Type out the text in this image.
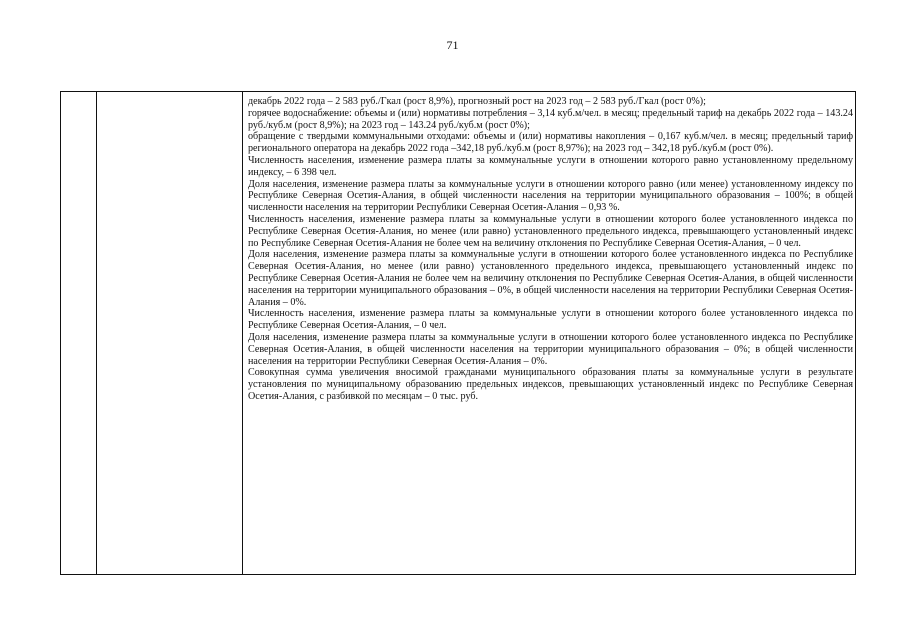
71

декабрь 2022 года – 2 583 руб./Гкал (рост 8,9%), прогнозный рост на 2023 год – 2 583 руб./Гкал (рост 0%);

горячее водоснабжение: объемы и (или) нормативы потребления – 3,14 куб.м/чел. в месяц; предельный тариф на декабрь 2022 года – 143.24 руб./куб.м (рост 8,9%); на 2023 год – 143.24 руб./куб.м (рост 0%);

обращение с твердыми коммунальными отходами: объемы и (или) нормативы накопления – 0,167 куб.м/чел. в месяц; предельный тариф регионального оператора на декабрь 2022 года –342,18 руб./куб.м (рост 8,97%); на 2023 год – 342,18 руб./куб.м (рост 0%).

Численность населения, изменение размера платы за коммунальные услуги в отношении которого равно установленному предельному индексу, – 6 398 чел.

Доля населения, изменение размера платы за коммунальные услуги в отношении которого равно (или менее) установленному индексу по Республике Северная Осетия-Алания, в общей численности населения на территории муниципального образования – 100%; в общей численности населения на территории Республики Северная Осетия-Алания – 0,93 %.

Численность населения, изменение размера платы за коммунальные услуги в отношении которого более установленного индекса по Республике Северная Осетия-Алания, но менее (или равно) установленного предельного индекса, превышающего установленный индекс по Республике Северная Осетия-Алания не более чем на величину отклонения по Республике Северная Осетия-Алания, – 0 чел.

Доля населения, изменение размера платы за коммунальные услуги в отношении которого более установленного индекса по Республике Северная Осетия-Алания, но менее (или равно) установленного предельного индекса, превышающего установленный индекс по Республике Северная Осетия-Алания не более чем на величину отклонения по Республике Северная Осетия-Алания, в общей численности населения на территории муниципального образования – 0%, в общей численности населения на территории Республики Северная Осетия-Алания – 0%.

Численность населения, изменение размера платы за коммунальные услуги в отношении которого более установленного индекса по Республике Северная Осетия-Алания, – 0 чел.

Доля населения, изменение размера платы за коммунальные услуги в отношении которого более установленного индекса по Республике Северная Осетия-Алания, в общей численности населения на территории муниципального образования – 0%; в общей численности населения на территории Республики Северная Осетия-Алания – 0%.

Совокупная сумма увеличения вносимой гражданами муниципального образования платы за коммунальные услуги в результате установления по муниципальному образованию предельных индексов, превышающих установленный индекс по Республике Северная Осетия-Алания, с разбивкой по месяцам – 0 тыс. руб.
